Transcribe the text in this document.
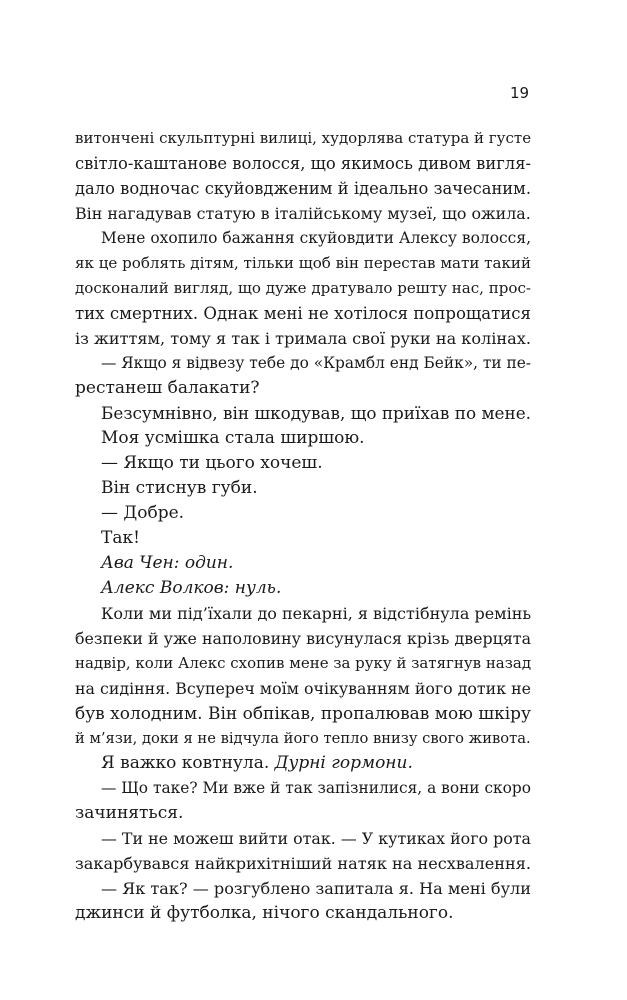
19
витончені скульптурні вилиці, худорлява статура й густе
світло-каштанове волосся, що якимось дивом вигля-
дало водночас скуйовдженим й ідеально зачесаним.
Він нагадував статую в італійському музеї, що ожила.
Мене охопило бажання скуйовдити Алексу волосся,
як це роблять дітям, тільки щоб він перестав мати такий
досконалий вигляд, що дуже дратувало решту нас, прос-
тих смертних. Однак мені не хотілося попрощатися
із життям, тому я так і тримала свої руки на колінах.
— Якщо я відвезу тебе до «Крамбл енд Бейк», ти пе-
рестанеш балакати?
Безсумнівно, він шкодував, що приїхав по мене.
Моя усмішка стала ширшою.
— Якщо ти цього хочеш.
Він стиснув губи.
— Добре.
Так!
Ава Чен: один.
Алекс Волков: нуль.
Коли ми під’їхали до пекарні, я відстібнула ремінь
безпеки й уже наполовину висунулася крізь дверцята
надвір, коли Алекс схопив мене за руку й затягнув назад
на сидіння. Всупереч моїм очікуванням його дотик не
був холодним. Він обпікав, пропалював мою шкіру
й м’язи, доки я не відчула його тепло внизу свого живота.
Я важко ковтнула. Дурні гормони.
— Що таке? Ми вже й так запізнилися, а вони скоро
зачиняться.
— Ти не можеш вийти отак. — У кутиках його рота
закарбувався найкрихітніший натяк на несхвалення.
— Як так? — розгублено запитала я. На мені були
джинси й футболка, нічого скандального.
